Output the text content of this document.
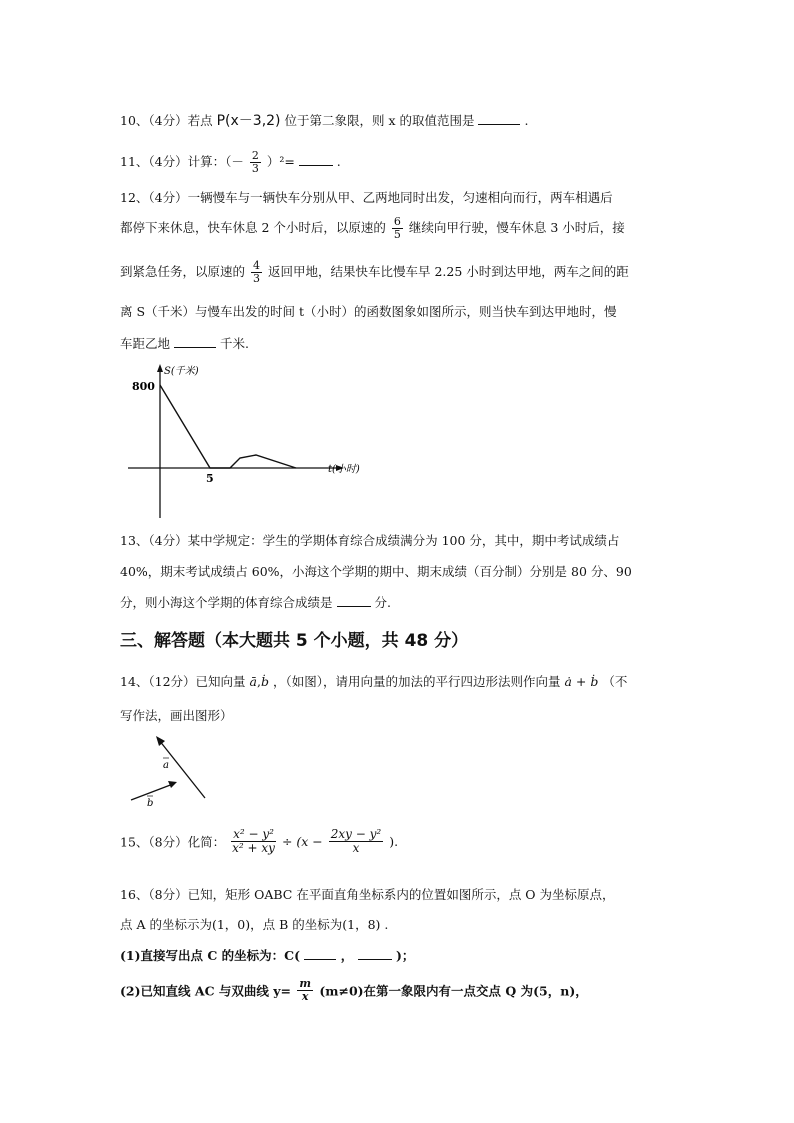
10、（4分）若点 P(x－3,2) 位于第二象限，则 x 的取值范围是	.
11、（4分）计算：（－ $\frac{2}{3} )^2=$	.
12、（4分）一辆慢车与一辆快车分别从甲、乙两地同时出发，匀速相向而行，两车相遇后
都停下来休息，快车休息 2 个小时后，以原速的 $\frac{6}{5}$ 继续向甲行驶，慢车休息 3 小时后，接
到紧急任务，以原速的 $\frac{4}{3}$ 返回甲地，结果快车比慢车早 2.25 小时到达甲地，两车之间的距
离 S（千米）与慢车出发的时间 t（小时）的函数图象如图所示，则当快车到达甲地时，慢
车距乙地	千米.
S(千米)
800
5
t(小时)
13、（4分）某中学规定：学生的学期体育综合成绩满分为 100 分，其中，期中考试成绩占
40%，期末考试成绩占 60%，小海这个学期的期中、期末成绩（百分制）分别是 80 分、90
分，则小海这个学期的体育综合成绩是	分.
三、解答题（本大题共 5 个小题，共 48 分）
14、（12分）已知向量 ā,ḃ ，（如图），请用向量的加法的平行四边形法则作向量 ȧ + ḃ （不
写作法，画出图形）
a
b
15、（8分）化简： $\frac{\text{x² − y²}}{\text{x² + xy}} \div (x - \frac{\text{2xy − y²}}{x}$ ).
16、（8分）已知，矩形 OABC 在平面直角坐标系内的位置如图所示，点 O 为坐标原点，
点 A 的坐标示为(1，0)，点 B 的坐标为(1，8) .
(1)直接写出点 C 的坐标为：C(	，	)；
(2)已知直线 AC 与双曲线 $y= \frac{m}{x} (m\ne 0)$在第一象限内有一点交点 Q 为(5，n)，
